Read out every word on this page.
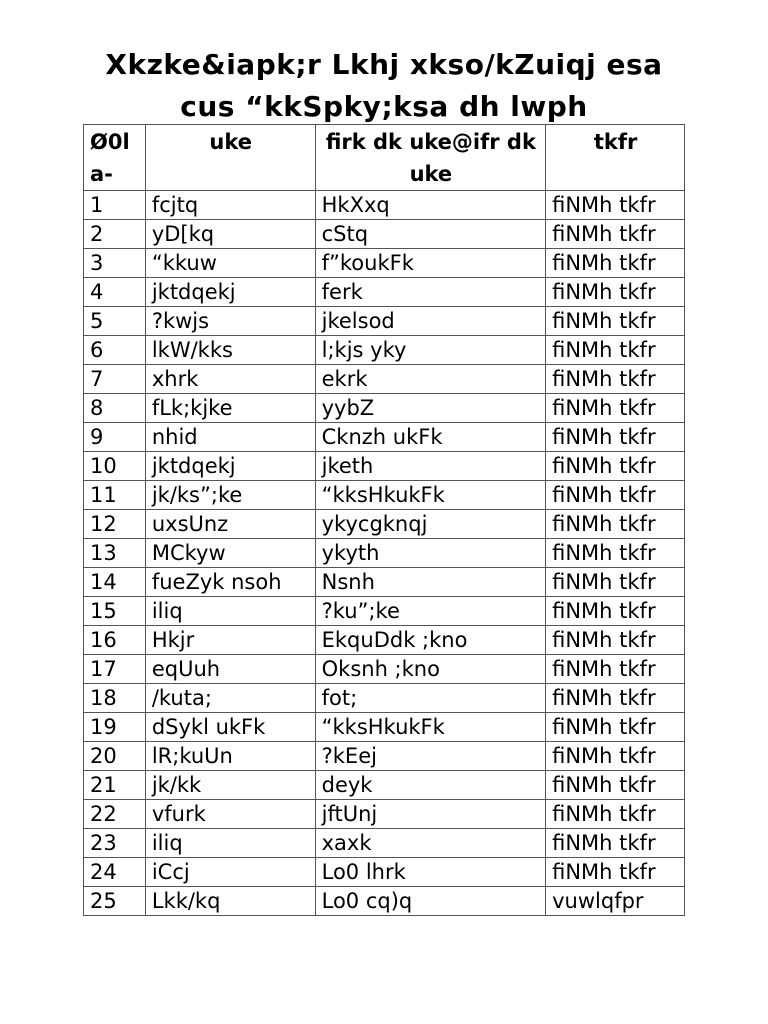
Xkzke&iapk;r Lkhj xkso/kZuiqj esa
cus “kkSpky;ksa dh lwph
Ø0la-	uke	firk dk uke@ifr dk uke	tkfr
1	fcjtq	HkXxq	fiNMh tkfr
2	yD[kq	cStq	fiNMh tkfr
3	“kkuw	f”koukFk	fiNMh tkfr
4	jktdqekj	ferk	fiNMh tkfr
5	?kwjs	jkelsod	fiNMh tkfr
6	lkW/kks	l;kjs yky	fiNMh tkfr
7	xhrk	ekrk	fiNMh tkfr
8	fLk;kjke	yybZ	fiNMh tkfr
9	nhid	Cknzh ukFk	fiNMh tkfr
10	jktdqekj	jketh	fiNMh tkfr
11	jk/ks”;ke	“kksHkukFk	fiNMh tkfr
12	uxsUnz	ykycgknqj	fiNMh tkfr
13	MCkyw	ykyth	fiNMh tkfr
14	fueZyk nsoh	Nsnh	fiNMh tkfr
15	iliq	?ku”;ke	fiNMh tkfr
16	Hkjr	EkquDdk ;kno	fiNMh tkfr
17	eqUuh	Oksnh ;kno	fiNMh tkfr
18	/kuta;	fot;	fiNMh tkfr
19	dSykl ukFk	“kksHkukFk	fiNMh tkfr
20	lR;kuUn	?kEej	fiNMh tkfr
21	jk/kk	deyk	fiNMh tkfr
22	vfurk	jftUnj	fiNMh tkfr
23	iliq	xaxk	fiNMh tkfr
24	iCcj	Lo0 lhrk	fiNMh tkfr
25	Lkk/kq	Lo0 cq)q	vuwlqfpr
